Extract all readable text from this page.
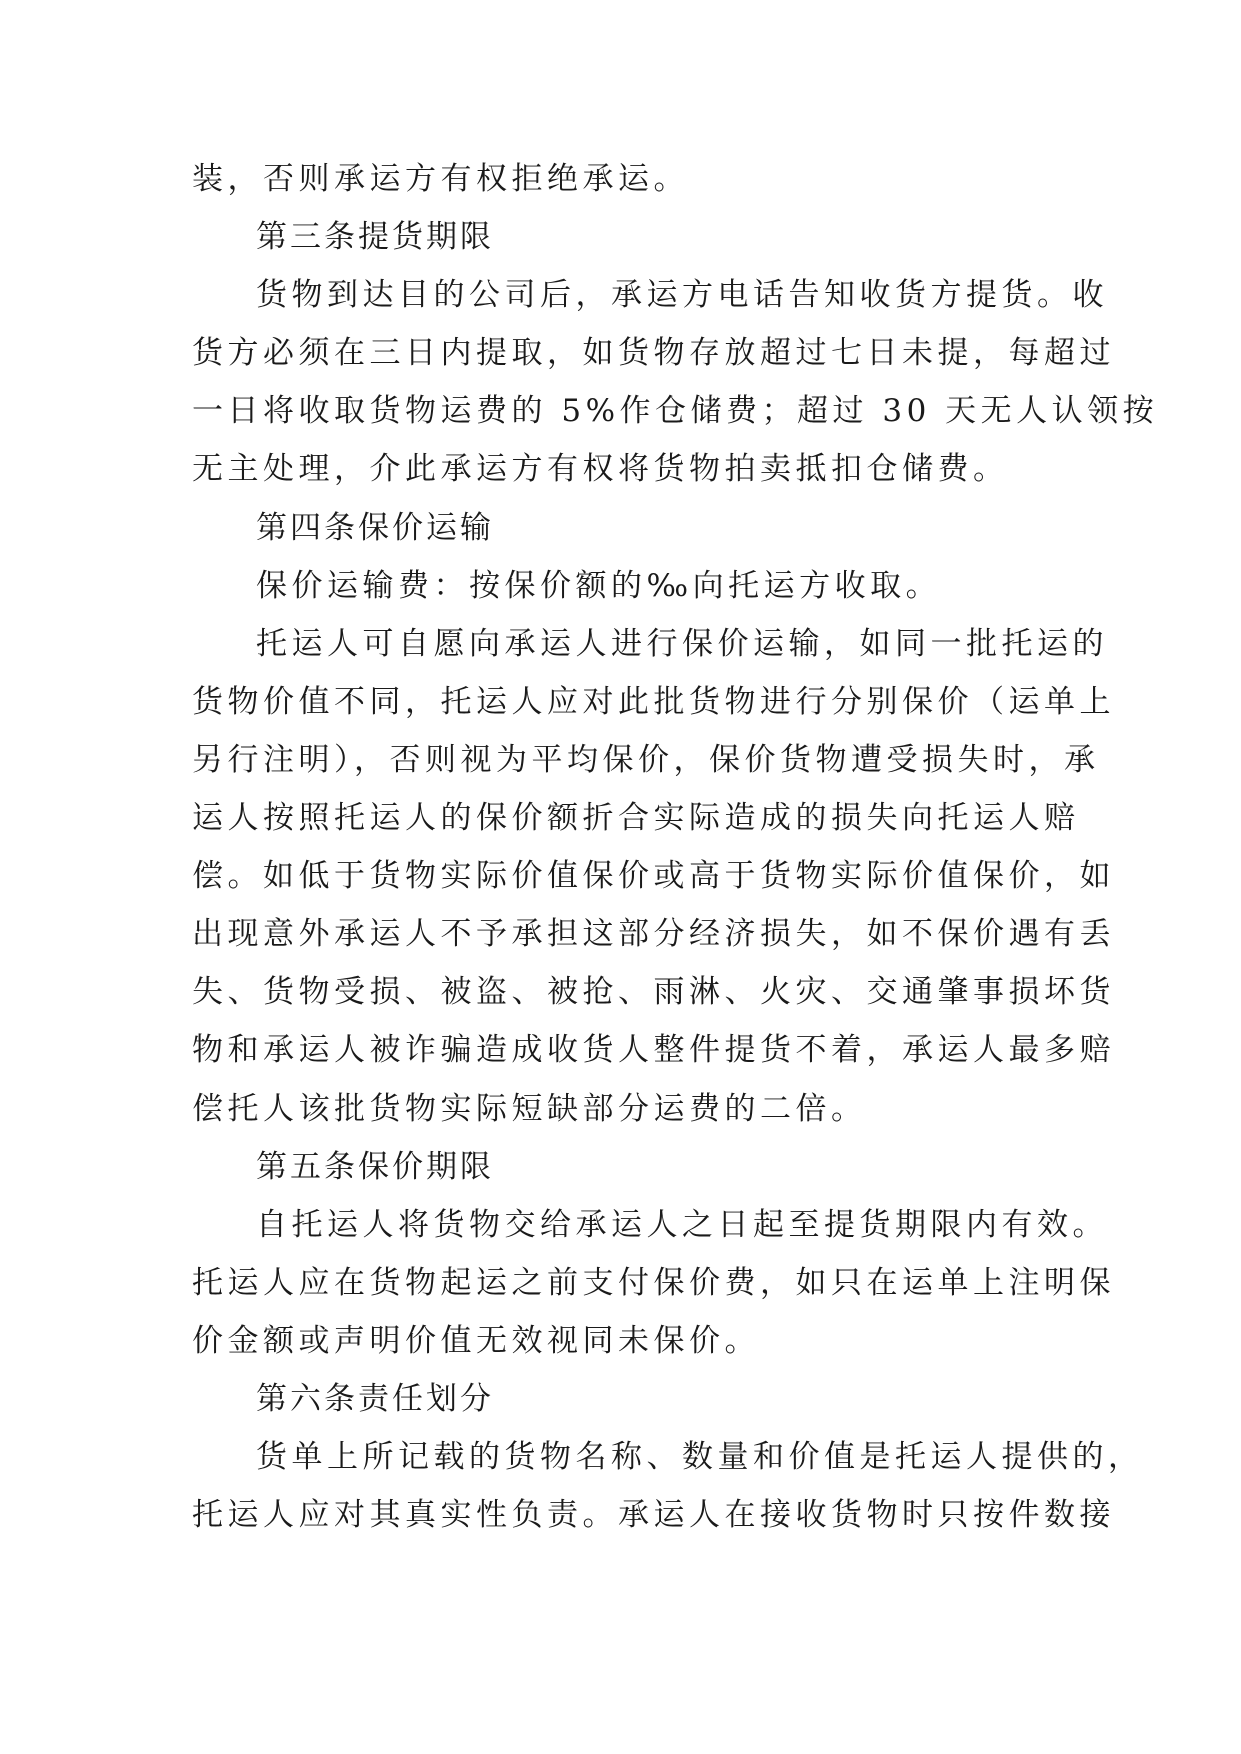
装，否则承运方有权拒绝承运。
第三条提货期限
货物到达目的公司后，承运方电话告知收货方提货。收
货方必须在三日内提取，如货物存放超过七日未提，每超过
一日将收取货物运费的 5%作仓储费；超过 30 天无人认领按
无主处理，介此承运方有权将货物拍卖抵扣仓储费。
第四条保价运输
保价运输费：按保价额的‰向托运方收取。
托运人可自愿向承运人进行保价运输，如同一批托运的
货物价值不同，托运人应对此批货物进行分别保价（运单上
另行注明），否则视为平均保价，保价货物遭受损失时，承
运人按照托运人的保价额折合实际造成的损失向托运人赔
偿。如低于货物实际价值保价或高于货物实际价值保价，如
出现意外承运人不予承担这部分经济损失，如不保价遇有丢
失、货物受损、被盗、被抢、雨淋、火灾、交通肇事损坏货
物和承运人被诈骗造成收货人整件提货不着，承运人最多赔
偿托人该批货物实际短缺部分运费的二倍。
第五条保价期限
自托运人将货物交给承运人之日起至提货期限内有效。
托运人应在货物起运之前支付保价费，如只在运单上注明保
价金额或声明价值无效视同未保价。
第六条责任划分
货单上所记载的货物名称、数量和价值是托运人提供的，
托运人应对其真实性负责。承运人在接收货物时只按件数接
